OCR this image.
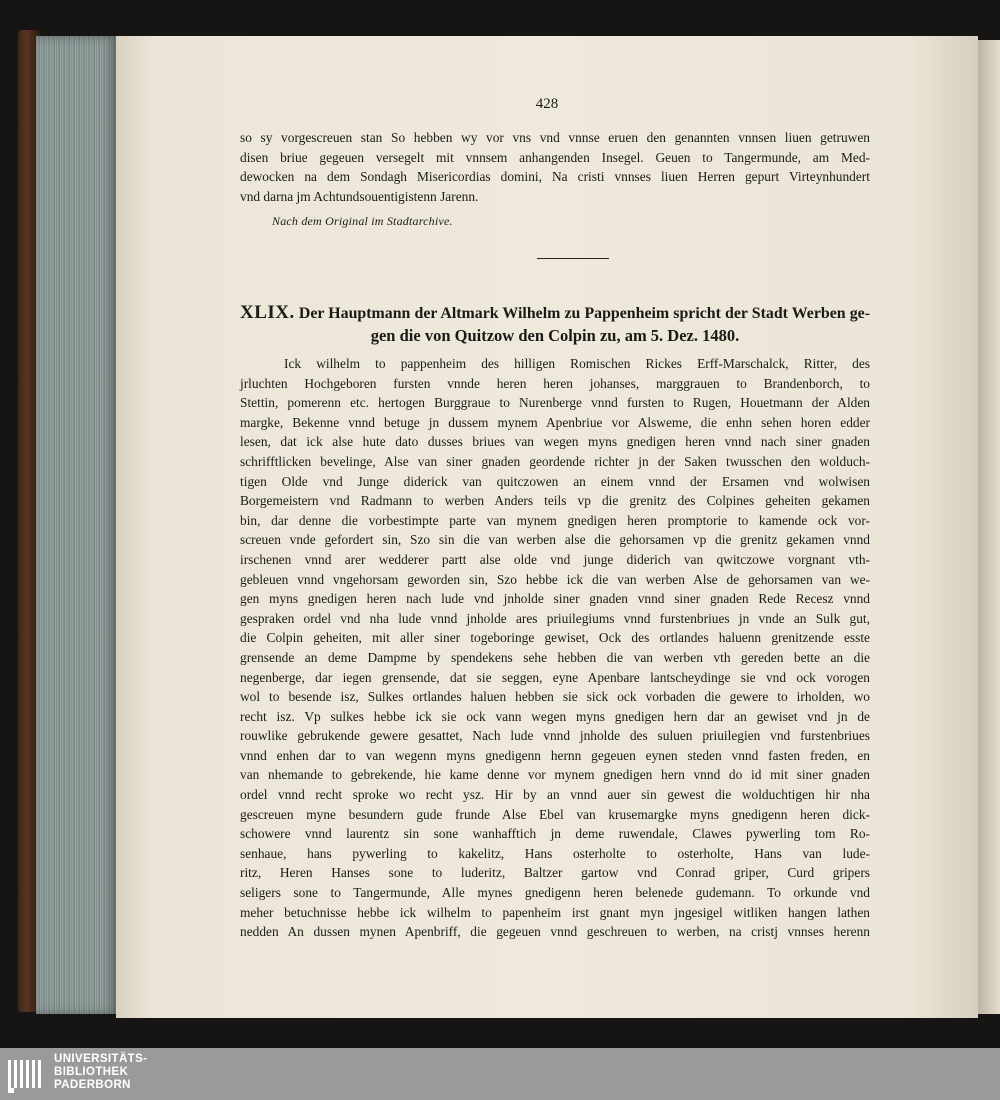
428
so sy vorgescreuen stan So hebben wy vor vns vnd vnnse eruen den genannten vnnsen liuen getruwen
disen briue gegeuen versegelt mit vnnsem anhangenden Insegel. Geuen to Tangermunde, am Med-
dewocken na dem Sondagh Misericordias domini, Na cristi vnnses liuen Herren gepurt Virteynhundert
vnd darna jm Achtundsouentigistenn Jarenn.
Nach dem Original im Stadtarchive.
XLIX. Der Hauptmann der Altmark Wilhelm zu Pappenheim spricht der Stadt Werben ge-
gen die von Quitzow den Colpin zu, am 5. Dez. 1480.
Ick wilhelm to pappenheim des hilligen Romischen Rickes Erff-Marschalck, Ritter, des
jrluchten Hochgeboren fursten vnnde heren heren johanses, marggrauen to Brandenborch, to
Stettin, pomerenn etc. hertogen Burggraue to Nurenberge vnnd fursten to Rugen, Houetmann der Alden
margke, Bekenne vnnd betuge jn dussem mynem Apenbriue vor Alsweme, die enhn sehen horen edder
lesen, dat ick alse hute dato dusses briues van wegen myns gnedigen heren vnnd nach siner gnaden
schrifftlicken bevelinge, Alse van siner gnaden geordende richter jn der Saken twusschen den wolduch-
tigen Olde vnd Junge diderick van quitczowen an einem vnnd der Ersamen vnd wolwisen
Borgemeistern vnd Radmann to werben Anders teils vp die grenitz des Colpines geheiten gekamen
bin, dar denne die vorbestimpte parte van mynem gnedigen heren promptorie to kamende ock vor-
screuen vnde gefordert sin, Szo sin die van werben alse die gehorsamen vp die grenitz gekamen vnnd
irschenen vnnd arer wedderer partt alse olde vnd junge diderich van qwitczowe vorgnant vth-
gebleuen vnnd vngehorsam geworden sin, Szo hebbe ick die van werben Alse de gehorsamen van we-
gen myns gnedigen heren nach lude vnd jnholde siner gnaden vnnd siner gnaden Rede Recesz vnnd
gespraken ordel vnd nha lude vnnd jnholde ares priuilegiums vnnd furstenbriues jn vnde an Sulk gut,
die Colpin geheiten, mit aller siner togeboringe gewiset, Ock des ortlandes haluenn grenitzende esste
grensende an deme Dampme by spendekens sehe hebben die van werben vth gereden bette an die
negenberge, dar iegen grensende, dat sie seggen, eyne Apenbare lantscheydinge sie vnd ock vorogen
wol to besende isz, Sulkes ortlandes haluen hebben sie sick ock vorbaden die gewere to irholden, wo
recht isz. Vp sulkes hebbe ick sie ock vann wegen myns gnedigen hern dar an gewiset vnd jn de
rouwlike gebrukende gewere gesattet, Nach lude vnnd jnholde des suluen priuilegien vnd furstenbriues
vnnd enhen dar to van wegenn myns gnedigenn hernn gegeuen eynen steden vnnd fasten freden, en
van nhemande to gebrekende, hie kame denne vor mynem gnedigen hern vnnd do id mit siner gnaden
ordel vnnd recht sproke wo recht ysz. Hir by an vnnd auer sin gewest die wolduchtigen hir nha
gescreuen myne besundern gude frunde Alse Ebel van krusemargke myns gnedigenn heren dick-
schowere vnnd laurentz sin sone wanhafftich jn deme ruwendale, Clawes pywerling tom Ro-
senhaue, hans pywerling to kakelitz, Hans osterholte to osterholte, Hans van lude-
ritz, Heren Hanses sone to luderitz, Baltzer gartow vnd Conrad griper, Curd gripers
seligers sone to Tangermunde, Alle mynes gnedigenn heren belenede gudemann. To orkunde vnd
meher betuchnisse hebbe ick wilhelm to papenheim irst gnant myn jngesigel witliken hangen lathen
nedden An dussen mynen Apenbriff, die gegeuen vnnd geschreuen to werben, na cristj vnnses herenn
UNIVERSITÄTS-
BIBLIOTHEK
PADERBORN
